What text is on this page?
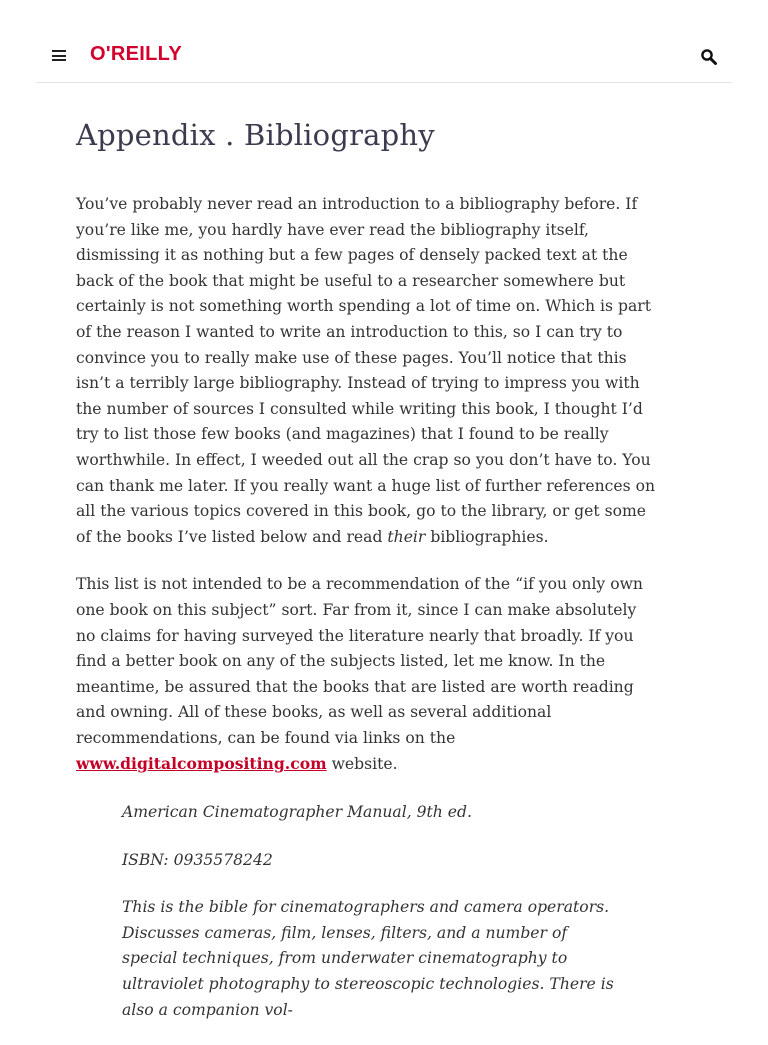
O'REILLY
Appendix . Bibliography

You’ve probably never read an introduction to a bibliography before. If you’re like me, you hardly have ever read the bibliography itself, dismissing it as nothing but a few pages of densely packed text at the back of the book that might be useful to a researcher somewhere but certainly is not something worth spending a lot of time on. Which is part of the reason I wanted to write an introduction to this, so I can try to convince you to really make use of these pages. You’ll notice that this isn’t a terribly large bibliography. Instead of trying to impress you with the number of sources I consulted while writing this book, I thought I’d try to list those few books (and magazines) that I found to be really worthwhile. In effect, I weeded out all the crap so you don’t have to. You can thank me later. If you really want a huge list of further references on all the various topics covered in this book, go to the library, or get some of the books I’ve listed below and read their bibliographies.

This list is not intended to be a recommendation of the “if you only own one book on this subject” sort. Far from it, since I can make absolutely no claims for having surveyed the literature nearly that broadly. If you find a better book on any of the subjects listed, let me know. In the meantime, be assured that the books that are listed are worth reading and owning. All of these books, as well as several additional recommendations, can be found via links on the www.digitalcompositing.com website.

American Cinematographer Manual, 9th ed.

ISBN: 0935578242

This is the bible for cinematographers and camera operators. Discusses cameras, film, lenses, filters, and a number of special techniques, from underwater cinematography to ultraviolet photography to stereoscopic technologies. There is also a companion vol-
